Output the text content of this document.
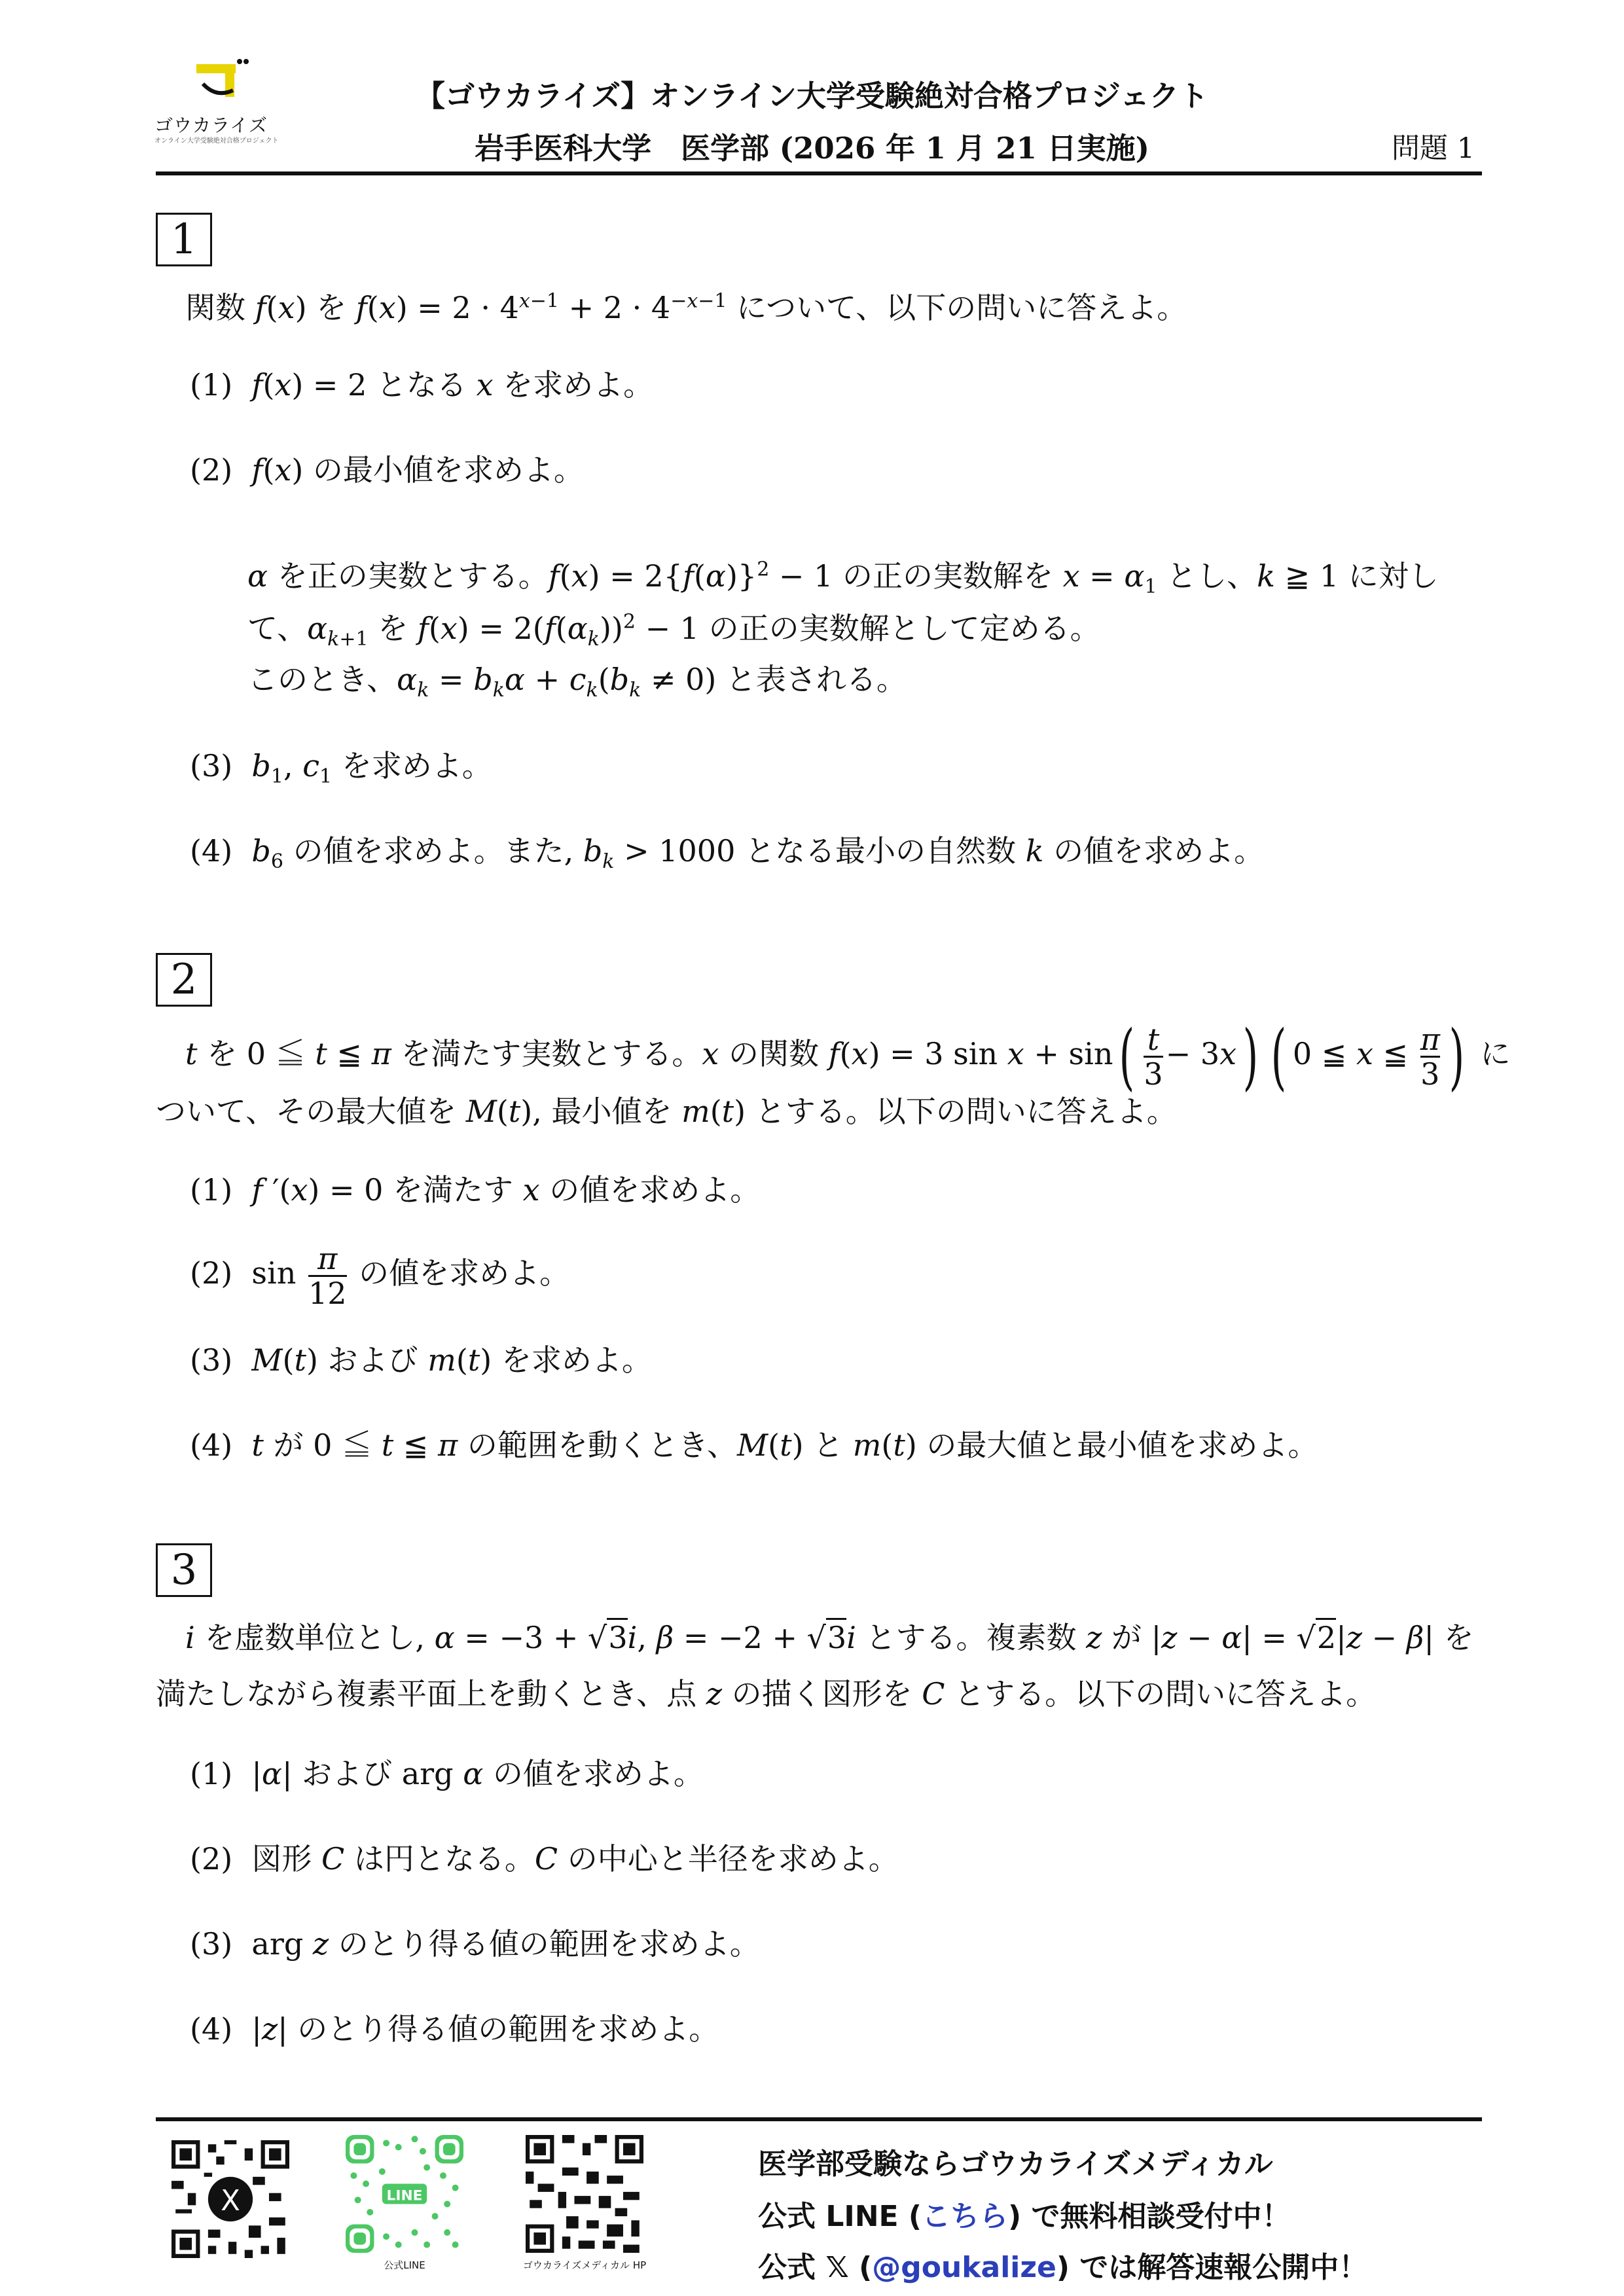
ゴウカライズ
オンライン大学受験絶対合格プロジェクト
【ゴウカライズ】オンライン大学受験絶対合格プロジェクト
岩手医科大学　医学部 (2026 年 1 月 21 日実施)	問題 1
1
関数 f(x) を $f(x) = 2 \cdot 4^{x-1} + 2 \cdot 4^{-x-1}$ について、以下の問いに答えよ。
(1) f(x) = 2 となる x を求めよ。
(2) f(x) の最小値を求めよ。
α を正の実数とする。$f(x) = 2\{f(\alpha)\}^2 - 1$ の正の実数解を $x = \alpha_1$ とし、k ≧ 1 に対し
て、$\alpha_{k+1}$ を $f(x) = 2(f(\alpha_k))^2 - 1$ の正の実数解として定める。
このとき、$\alpha_k = b_k\alpha + c_k(b_k \ne 0)$ と表される。
(3) $b_1$, $c_1$ を求めよ。
(4) $b_6$ の値を求めよ。また, $b_k > 1000$ となる最小の自然数 k の値を求めよ。
2
t を 0 ≦ t ≦ π を満たす実数とする。x の関数 f(x) = 3 $\sin x + \sin( \frac{t}{3} - 3x)$ ( 0 ≦ x ≦ $\frac{\pi}{3}$ ) に
ついて、その最大値を M(t), 最小値を m(t) とする。以下の問いに答えよ。
(1) f ′(x) = 0 を満たす x の値を求めよ。
(2)  $\sin \frac{\pi}{12}$ の値を求めよ。
(3) M(t) および m(t) を求めよ。
(4) t が 0 ≦ t ≦ π の範囲を動くとき、M(t) と m(t) の最大値と最小値を求めよ。
3
i を虚数単位とし, α = −3 + √3i, β = −2 + √3i とする。複素数 z が |z − α| = √2|z − β| を
満たしながら複素平面上を動くとき、点 z の描く図形を C とする。以下の問いに答えよ。
(1)  |α| および arg α の値を求めよ。
(2) 図形 C は円となる。C の中心と半径を求めよ。
(3)  arg z のとり得る値の範囲を求めよ。
(4)  |z| のとり得る値の範囲を求めよ。
X	LINE
公式LINE	ゴウカライズメディカル HP
医学部受験ならゴウカライズメディカル
公式 LINE (こちら) で無料相談受付中！
公式 𝕏 (@goukalize) では解答速報公開中！
